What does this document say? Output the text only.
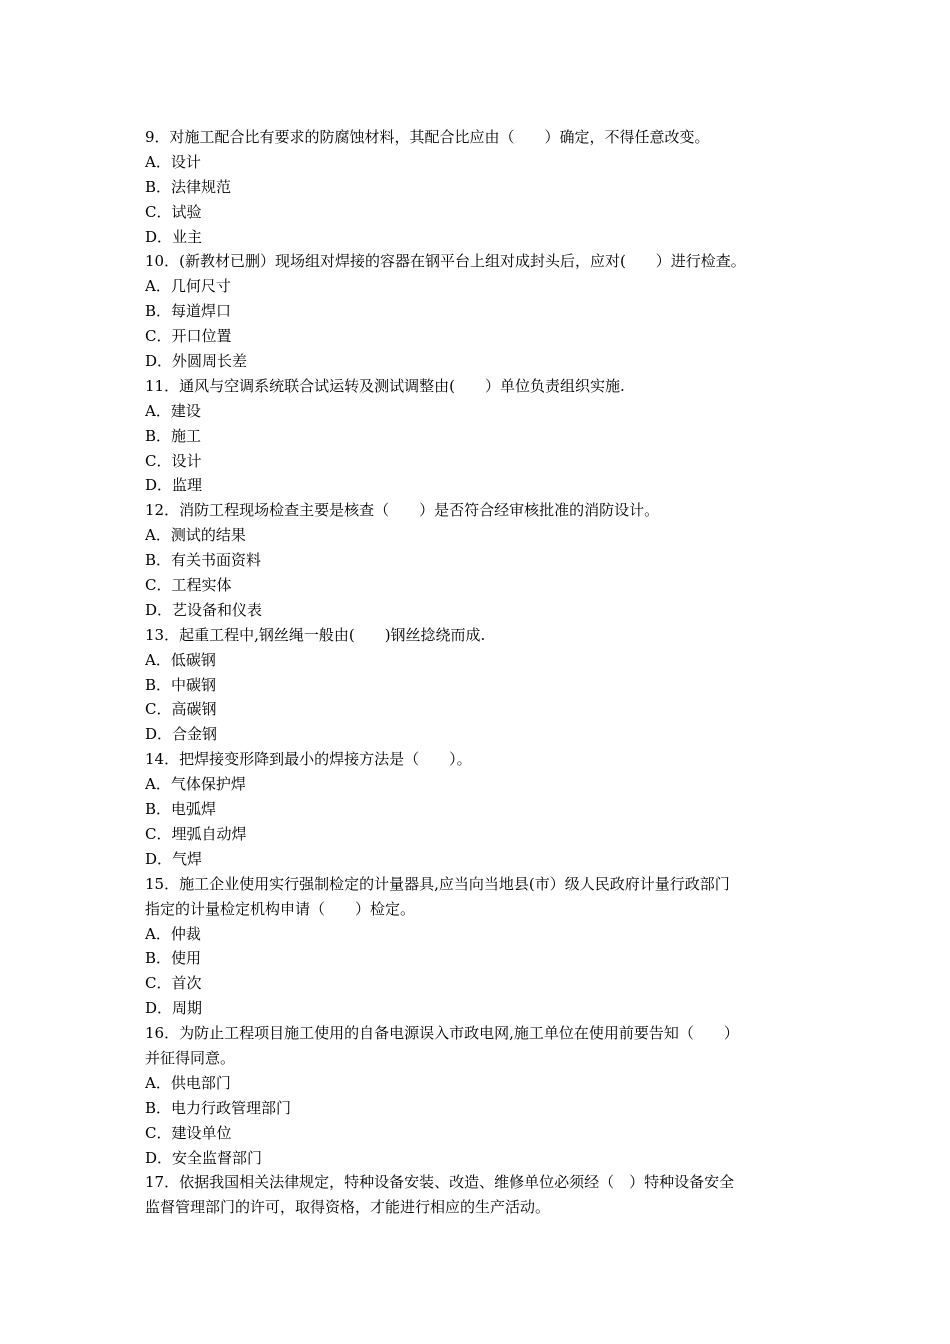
9．对施工配合比有要求的防腐蚀材料，其配合比应由（　　）确定，不得任意改变。
A．设计
B．法律规范
C．试验
D．业主
10．(新教材已删）现场组对焊接的容器在钢平台上组对成封头后，应对(　　）进行检查。
A．几何尺寸
B．每道焊口
C．开口位置
D．外圆周长差
11．通风与空调系统联合试运转及测试调整由(　　）单位负责组织实施.
A．建设
B．施工
C．设计
D．监理
12．消防工程现场检查主要是核查（　　）是否符合经审核批准的消防设计。
A．测试的结果
B．有关书面资料
C．工程实体
D．艺设备和仪表
13．起重工程中,钢丝绳一般由(　　)钢丝捻绕而成.
A．低碳钢
B．中碳钢
C．高碳钢
D．合金钢
14．把焊接变形降到最小的焊接方法是（　　）。
A．气体保护焊
B．电弧焊
C．埋弧自动焊
D．气焊
15．施工企业使用实行强制检定的计量器具,应当向当地县(市）级人民政府计量行政部门
指定的计量检定机构申请（　　）检定。
A．仲裁
B．使用
C．首次
D．周期
16．为防止工程项目施工使用的自备电源误入市政电网,施工单位在使用前要告知（　　）
并征得同意。
A．供电部门
B．电力行政管理部门
C．建设单位
D．安全监督部门
17．依据我国相关法律规定，特种设备安装、改造、维修单位必须经（　）特种设备安全
监督管理部门的许可，取得资格，才能进行相应的生产活动。
